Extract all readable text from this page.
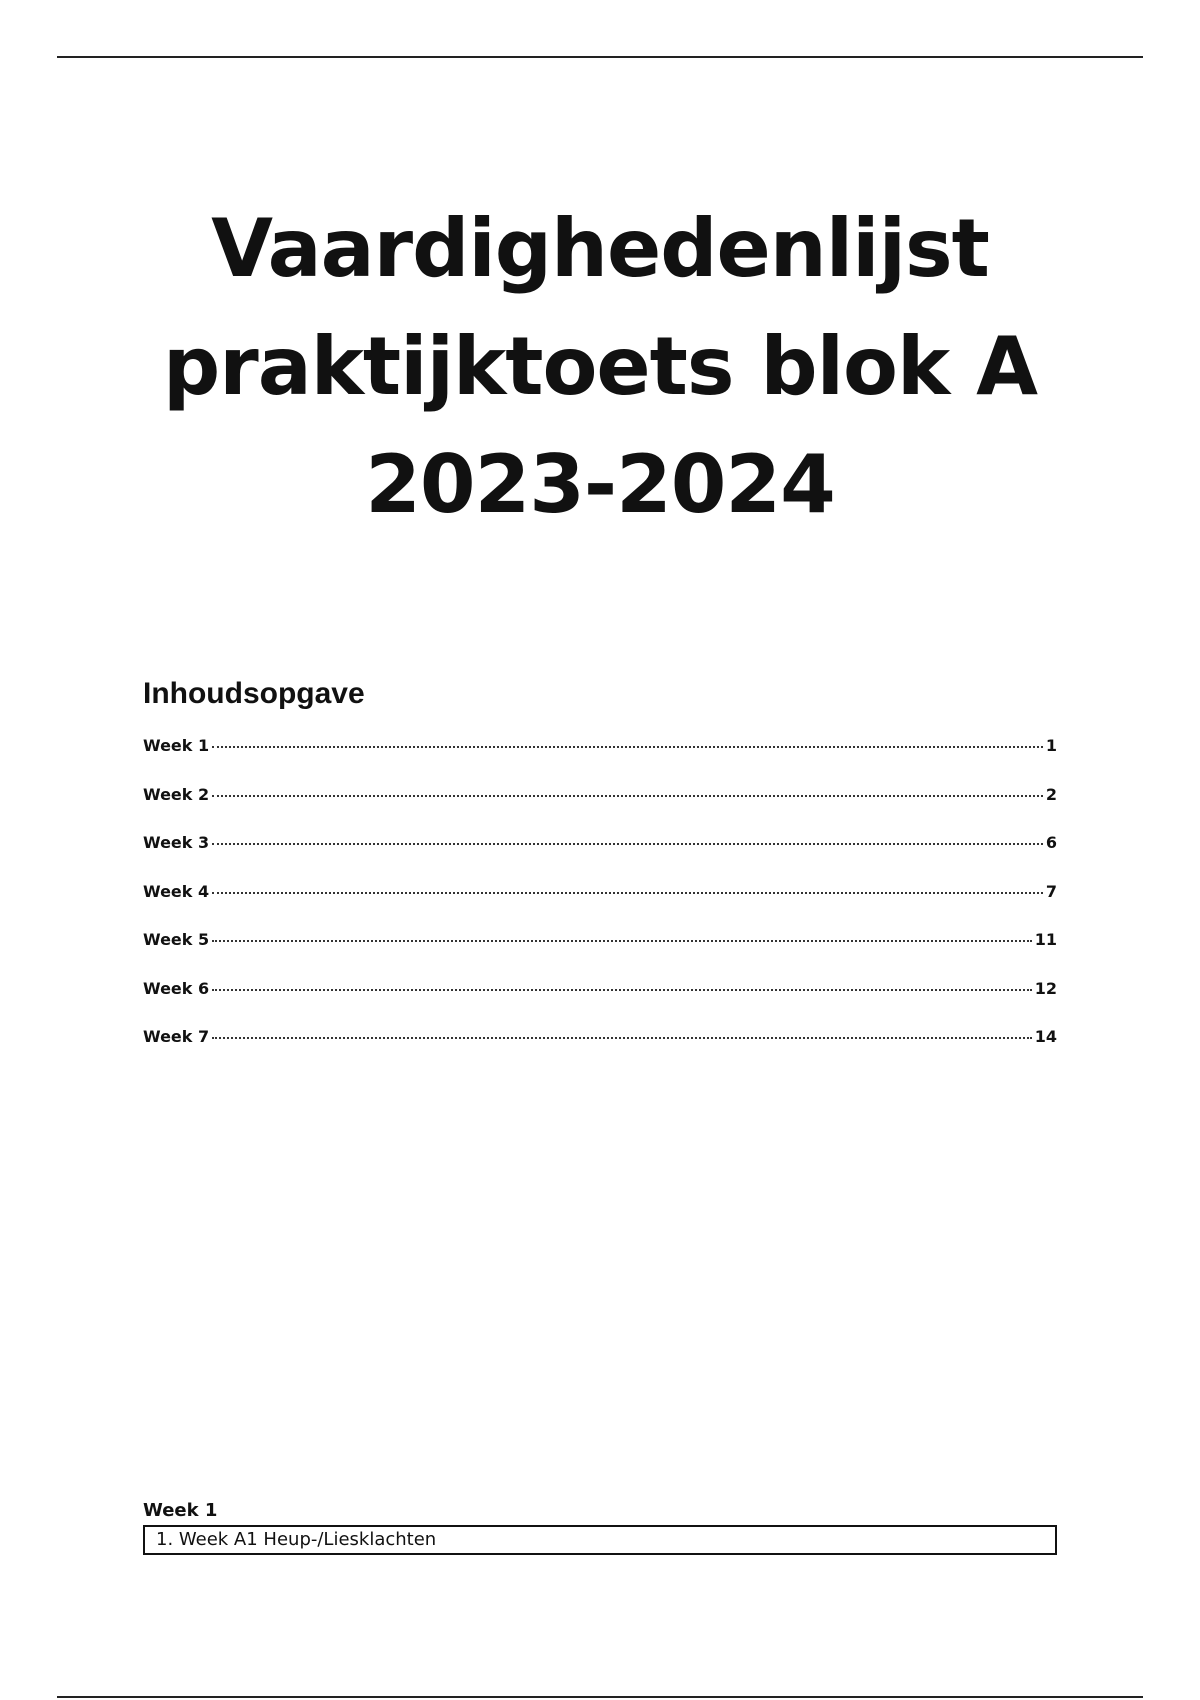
Vaardighedenlijst
praktijktoets blok A
2023-2024
Inhoudsopgave
Week 1	1
Week 2	2
Week 3	6
Week 4	7
Week 5	11
Week 6	12
Week 7	14
Week 1
1. Week A1 Heup-/Liesklachten
